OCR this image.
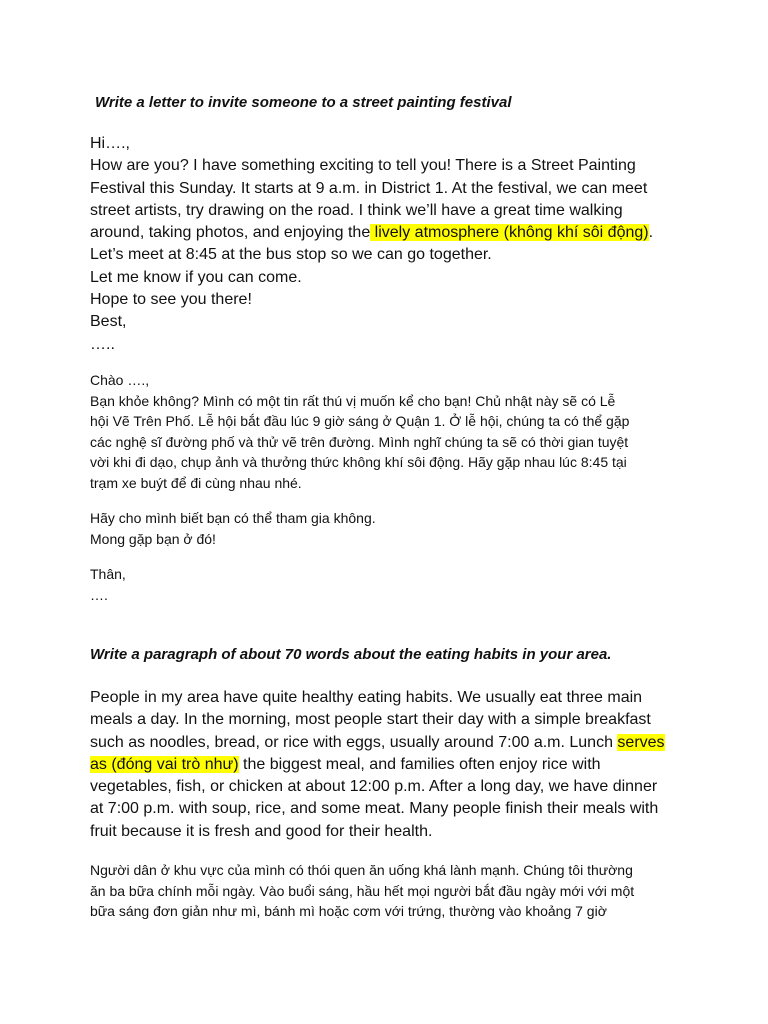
Write a letter to invite someone to a street painting festival
Hi….,
How are you? I have something exciting to tell you! There is a Street Painting
Festival this Sunday. It starts at 9 a.m. in District 1. At the festival, we can meet
street artists, try drawing on the road. I think we’ll have a great time walking
around, taking photos, and enjoying the lively atmosphere (không khí sôi động).
Let’s meet at 8:45 at the bus stop so we can go together.
Let me know if you can come.
Hope to see you there!
Best,
…..
Chào ….,
Bạn khỏe không? Mình có một tin rất thú vị muốn kể cho bạn! Chủ nhật này sẽ có Lễ
hội Vẽ Trên Phố. Lễ hội bắt đầu lúc 9 giờ sáng ở Quận 1. Ở lễ hội, chúng ta có thể gặp
các nghệ sĩ đường phố và thử vẽ trên đường. Mình nghĩ chúng ta sẽ có thời gian tuyệt
vời khi đi dạo, chụp ảnh và thưởng thức không khí sôi động. Hãy gặp nhau lúc 8:45 tại
trạm xe buýt để đi cùng nhau nhé.
Hãy cho mình biết bạn có thể tham gia không.
Mong gặp bạn ở đó!
Thân,
….
Write a paragraph of about 70 words about the eating habits in your area.
People in my area have quite healthy eating habits. We usually eat three main
meals a day. In the morning, most people start their day with a simple breakfast
such as noodles, bread, or rice with eggs, usually around 7:00 a.m. Lunch serves
as (đóng vai trò như) the biggest meal, and families often enjoy rice with
vegetables, fish, or chicken at about 12:00 p.m. After a long day, we have dinner
at 7:00 p.m. with soup, rice, and some meat. Many people finish their meals with
fruit because it is fresh and good for their health.
Người dân ở khu vực của mình có thói quen ăn uống khá lành mạnh. Chúng tôi thường
ăn ba bữa chính mỗi ngày. Vào buổi sáng, hầu hết mọi người bắt đầu ngày mới với một
bữa sáng đơn giản như mì, bánh mì hoặc cơm với trứng, thường vào khoảng 7 giờ
